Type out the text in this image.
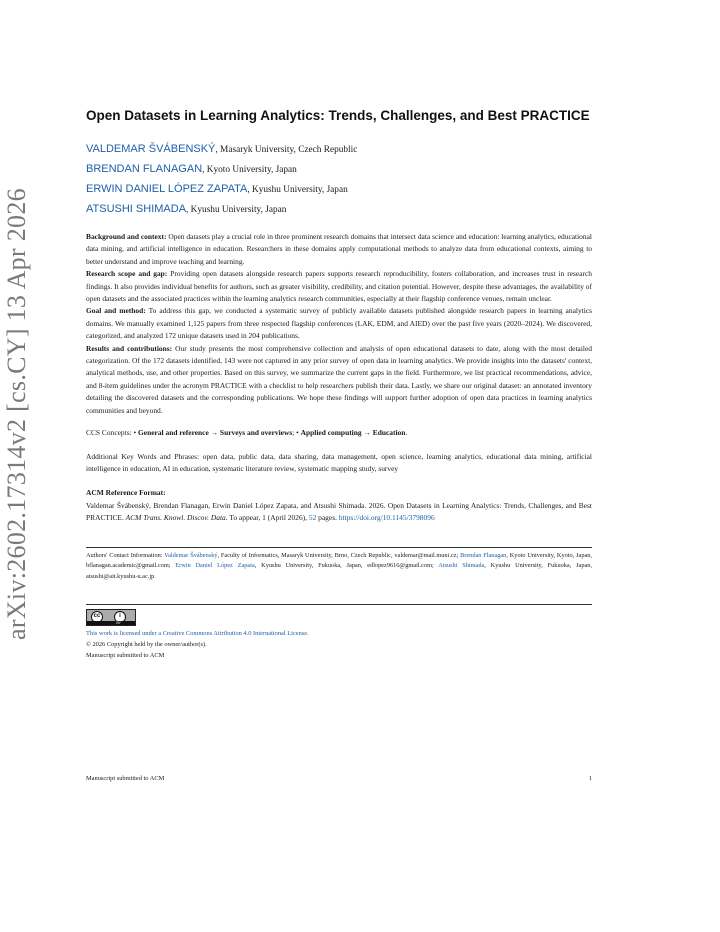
arXiv:2602.17314v2 [cs.CY] 13 Apr 2026
Open Datasets in Learning Analytics: Trends, Challenges, and Best PRACTICE
VALDEMAR ŠVÁBENSKÝ, Masaryk University, Czech Republic
BRENDAN FLANAGAN, Kyoto University, Japan
ERWIN DANIEL LÓPEZ ZAPATA, Kyushu University, Japan
ATSUSHI SHIMADA, Kyushu University, Japan

Background and context: Open datasets play a crucial role in three prominent research domains that intersect data science and education: learning analytics, educational data mining, and artificial intelligence in education. Researchers in these domains apply computational methods to analyze data from educational contexts, aiming to better understand and improve teaching and learning.

Research scope and gap: Providing open datasets alongside research papers supports research reproducibility, fosters collaboration, and increases trust in research findings. It also provides individual benefits for authors, such as greater visibility, credibility, and citation potential. However, despite these advantages, the availability of open datasets and the associated practices within the learning analytics research communities, especially at their flagship conference venues, remain unclear.

Goal and method: To address this gap, we conducted a systematic survey of publicly available datasets published alongside research papers in learning analytics domains. We manually examined 1,125 papers from three respected flagship conferences (LAK, EDM, and AIED) over the past five years (2020–2024). We discovered, categorized, and analyzed 172 unique datasets used in 204 publications.

Results and contributions: Our study presents the most comprehensive collection and analysis of open educational datasets to date, along with the most detailed categorization. Of the 172 datasets identified, 143 were not captured in any prior survey of open data in learning analytics. We provide insights into the datasets' context, analytical methods, use, and other properties. Based on this survey, we summarize the current gaps in the field. Furthermore, we list practical recommendations, advice, and 8-item guidelines under the acronym PRACTICE with a checklist to help researchers publish their data. Lastly, we share our original dataset: an annotated inventory detailing the discovered datasets and the corresponding publications. We hope these findings will support further adoption of open data practices in learning analytics communities and beyond.

CCS Concepts: • General and reference → Surveys and overviews; • Applied computing → Education.
Additional Key Words and Phrases: open data, public data, data sharing, data management, open science, learning analytics, educational data mining, artificial intelligence in education, AI in education, systematic literature review, systematic mapping study, survey
ACM Reference Format:
Valdemar Švábenský, Brendan Flanagan, Erwin Daniel López Zapata, and Atsushi Shimada. 2026. Open Datasets in Learning Analytics: Trends, Challenges, and Best PRACTICE. ACM Trans. Knowl. Discov. Data. To appear, 1 (April 2026), 52 pages. https://doi.org/10.1145/3798096
Authors' Contact Information: Valdemar Švábenský, Faculty of Informatics, Masaryk University, Brno, Czech Republic, valdemar@mail.muni.cz; Brendan Flanagan, Kyoto University, Kyoto, Japan, bflanagan.academic@gmail.com; Erwin Daniel López Zapata, Kyushu University, Fukuoka, Japan, edlopez9616@gmail.com; Atsushi Shimada, Kyushu University, Fukuoka, Japan, atsushi@ait.kyushu-u.ac.jp.
cc	i
BY
This work is licensed under a Creative Commons Attribution 4.0 International License.
© 2026 Copyright held by the owner/author(s).
Manuscript submitted to ACM
Manuscript submitted to ACM	1
